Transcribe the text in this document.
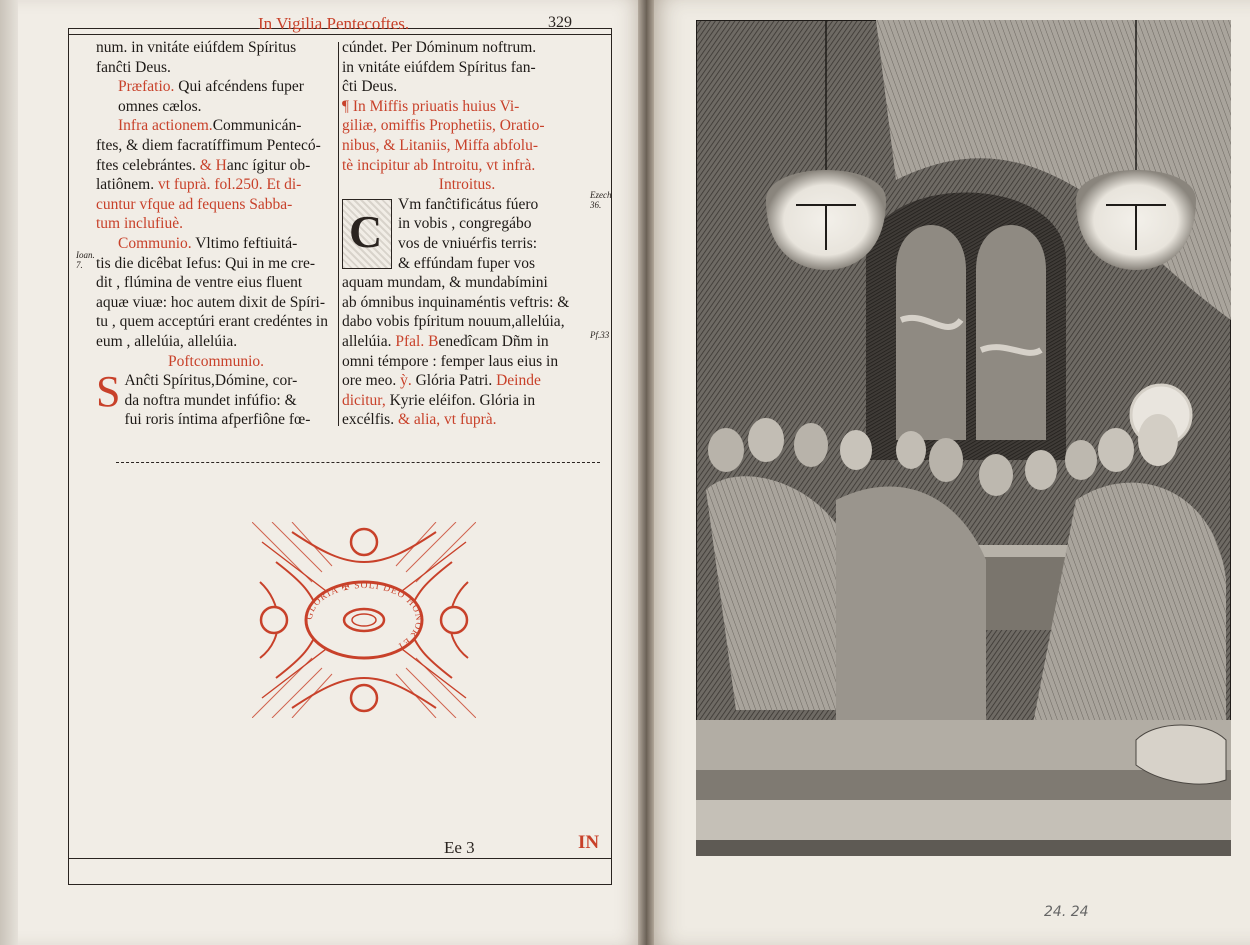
In Vigilia Pentecoftes.	329

num. in vnitáte eiúfdem Spíritus

fanĉti Deus.

Præfatio. Qui afcéndens fuper

omnes cælos.

Infra actionem.Communicán-

ftes, & diem facratíffimum Pentecó-

ftes celebrántes. & Hanc ígitur ob-

latiônem. vt fuprà. fol.250. Et di-

cuntur vfque ad fequens Sabba-

tum inclufiuè.

Communio. Vltimo feftiuitá-

tis die dicêbat Iefus: Qui in me cre-

dit , flúmina de ventre eius fluent

aquæ viuæ: hoc autem dixit de Spíri-

tu , quem acceptúri erant credéntes in

eum , allelúia, allelúia.

Poftcommunio.

S Anĉti Spíritus,Dómine, cor-

da noftra mundet infúfio: &

fui roris íntima afperfiône fœ-

cúndet. Per Dóminum noftrum.

in vnitáte eiúfdem Spíritus fan-

ĉti Deus.

¶ In Miffis priuatis huius Vi-

giliæ, omiffis Prophetiis, Oratio-

nibus, & Litaniis, Miffa abfolu-

tè incipitur ab Introitu, vt infrà.

Introitus.

C

Vm fanĉtificátus fúero

in vobis , congregábo

vos de vniuérfis terris:

& effúndam fuper vos

aquam mundam, & mundabímini

ab ómnibus inquinaméntis veftris: &

dabo vobis fpíritum nouum,allelúia,

allelúia. Pfal. Benedîcam Dñm in

omni témpore : femper laus eius in

ore meo. ỳ. Glória Patri. Deinde

dicitur, Kyrie eléifon. Glória in

excélfis. & alia, vt fuprà.

Ioan.
7.
Ezech
36.
Pf.33
GLORIA ✠ SOLI DEO HONOR ET
Ee 3	IN
24. 24
